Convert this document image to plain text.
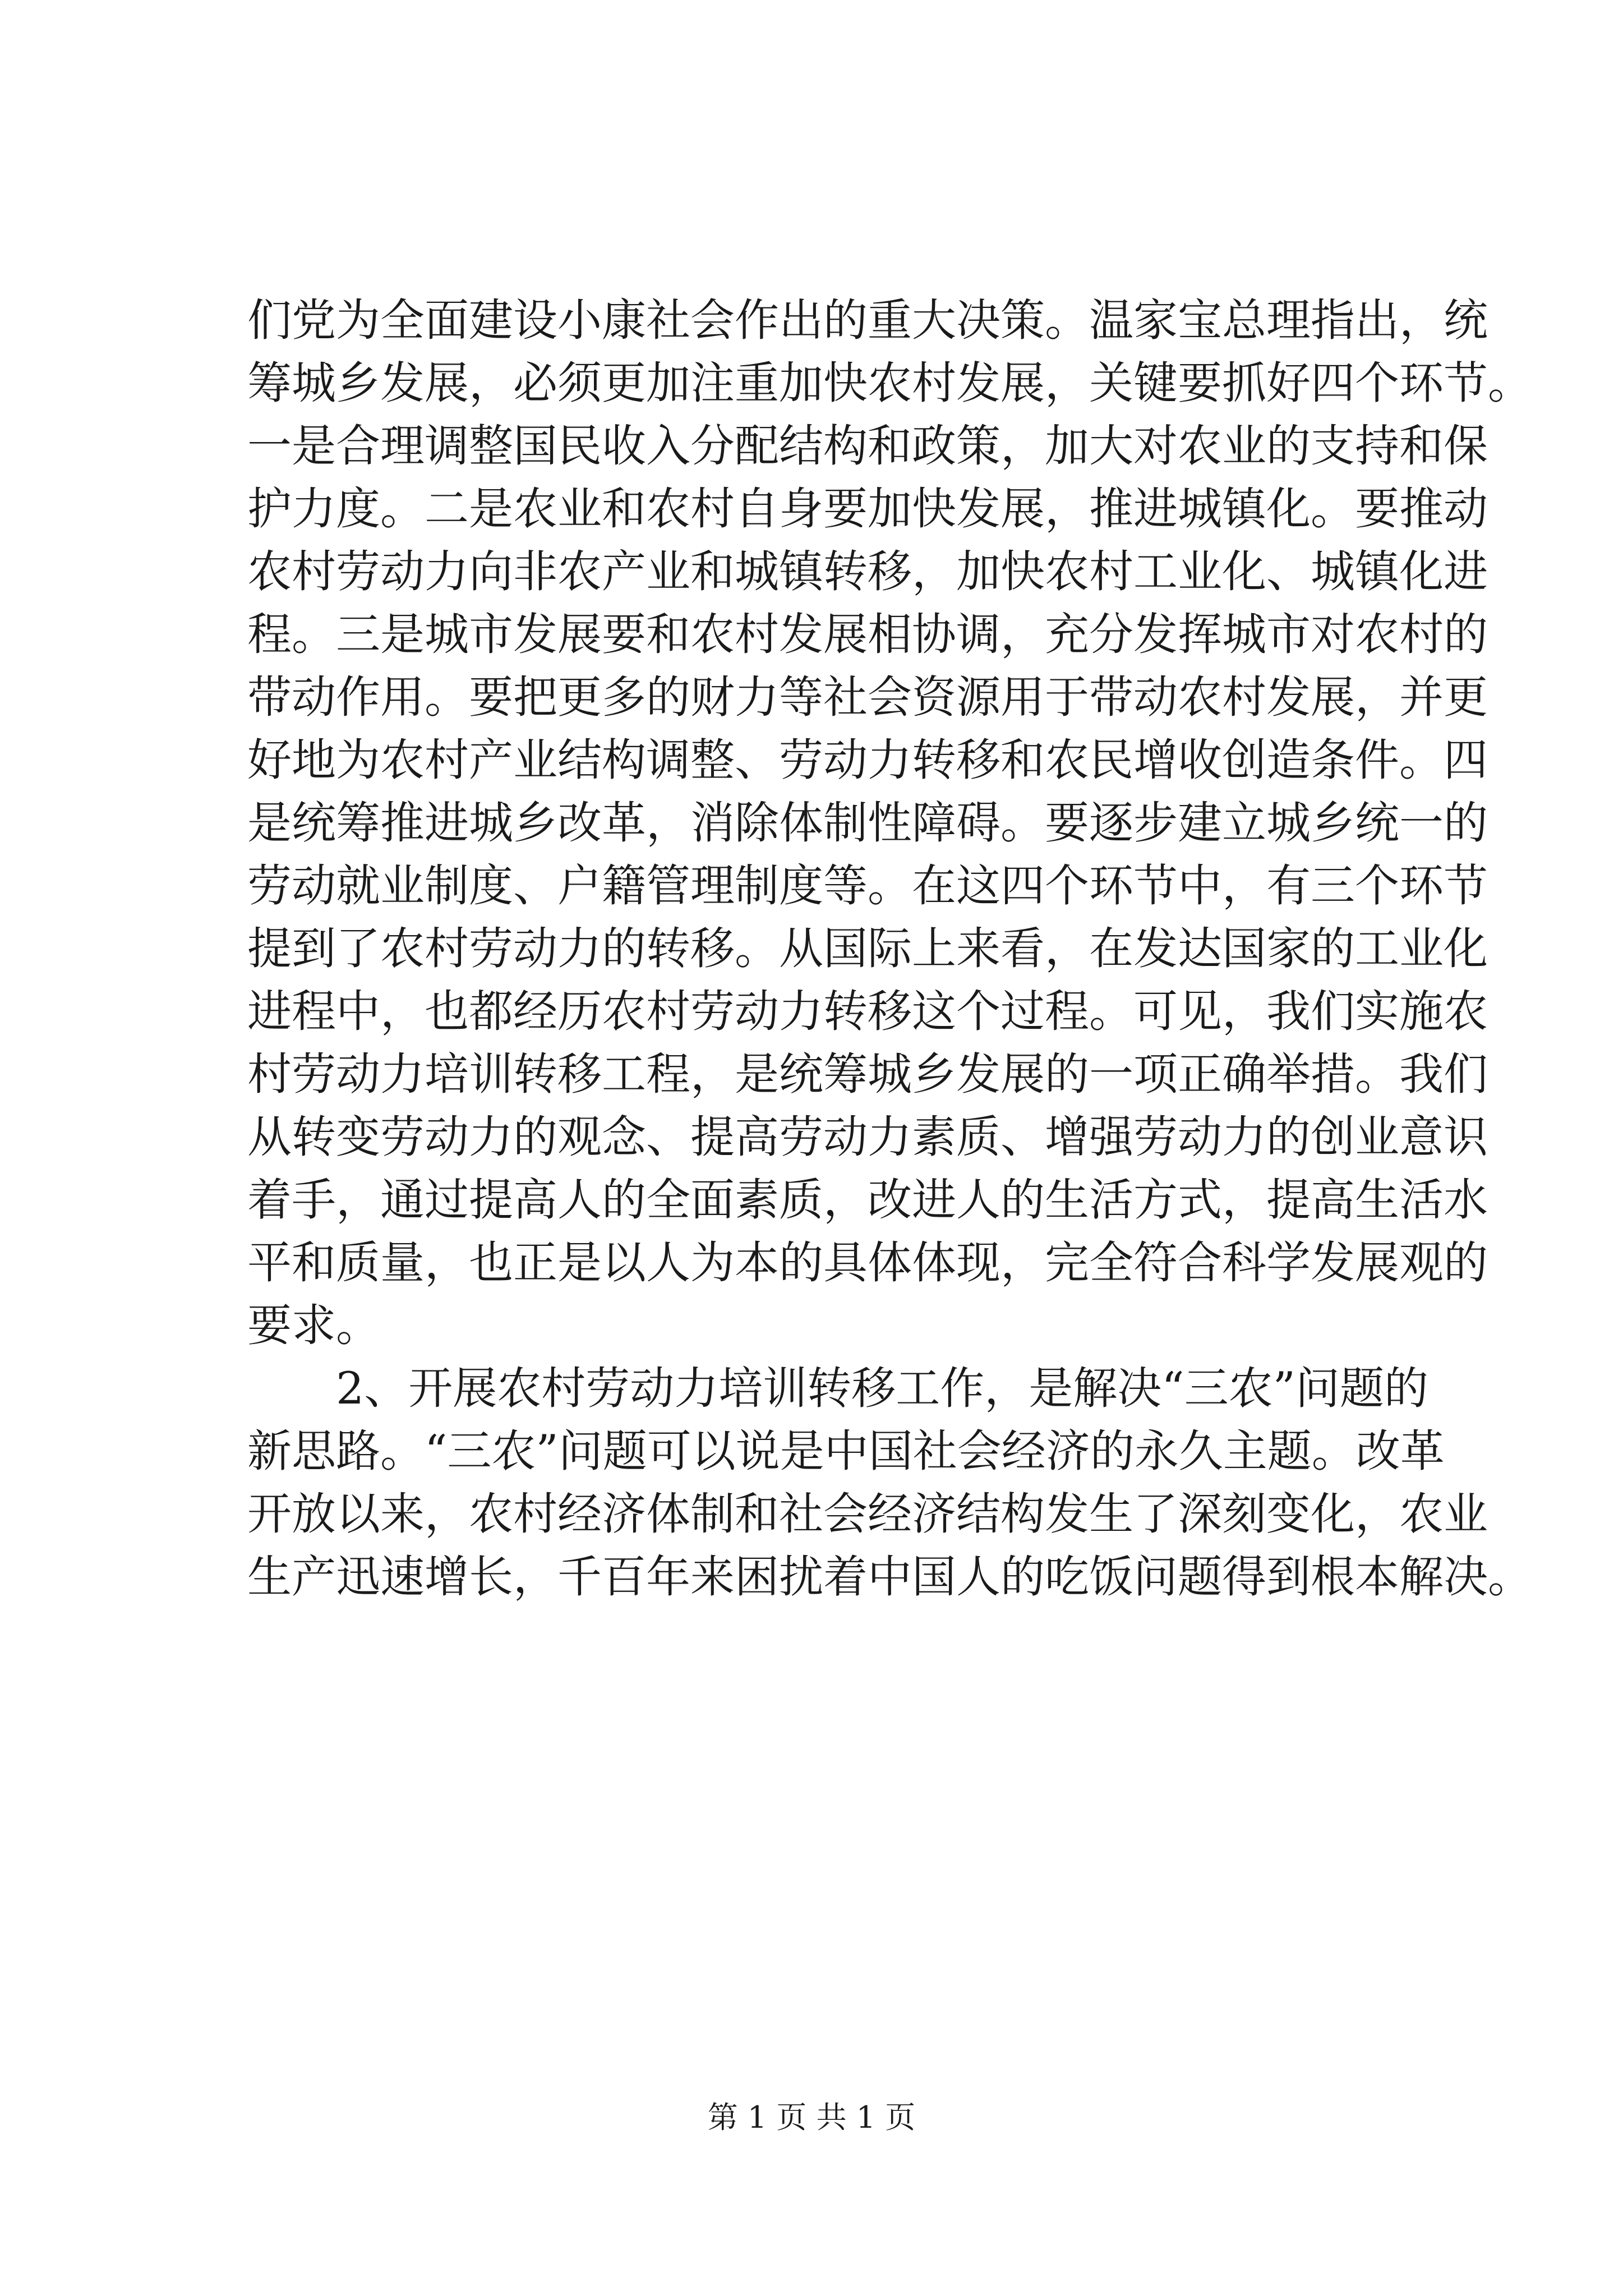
们党为全面建设小康社会作出的重大决策。温家宝总理指出，统
筹城乡发展，必须更加注重加快农村发展，关键要抓好四个环节。
一是合理调整国民收入分配结构和政策，加大对农业的支持和保
护力度。二是农业和农村自身要加快发展，推进城镇化。要推动
农村劳动力向非农产业和城镇转移，加快农村工业化、城镇化进
程。三是城市发展要和农村发展相协调，充分发挥城市对农村的
带动作用。要把更多的财力等社会资源用于带动农村发展，并更
好地为农村产业结构调整、劳动力转移和农民增收创造条件。四
是统筹推进城乡改革，消除体制性障碍。要逐步建立城乡统一的
劳动就业制度、户籍管理制度等。在这四个环节中，有三个环节
提到了农村劳动力的转移。从国际上来看，在发达国家的工业化
进程中，也都经历农村劳动力转移这个过程。可见，我们实施农
村劳动力培训转移工程，是统筹城乡发展的一项正确举措。我们
从转变劳动力的观念、提高劳动力素质、增强劳动力的创业意识
着手，通过提高人的全面素质，改进人的生活方式，提高生活水
平和质量，也正是以人为本的具体体现，完全符合科学发展观的
要求。
2、开展农村劳动力培训转移工作，是解决“三农”问题的
新思路。“三农”问题可以说是中国社会经济的永久主题。改革
开放以来，农村经济体制和社会经济结构发生了深刻变化，农业
生产迅速增长，千百年来困扰着中国人的吃饭问题得到根本解决。
第 1 页 共 1 页
